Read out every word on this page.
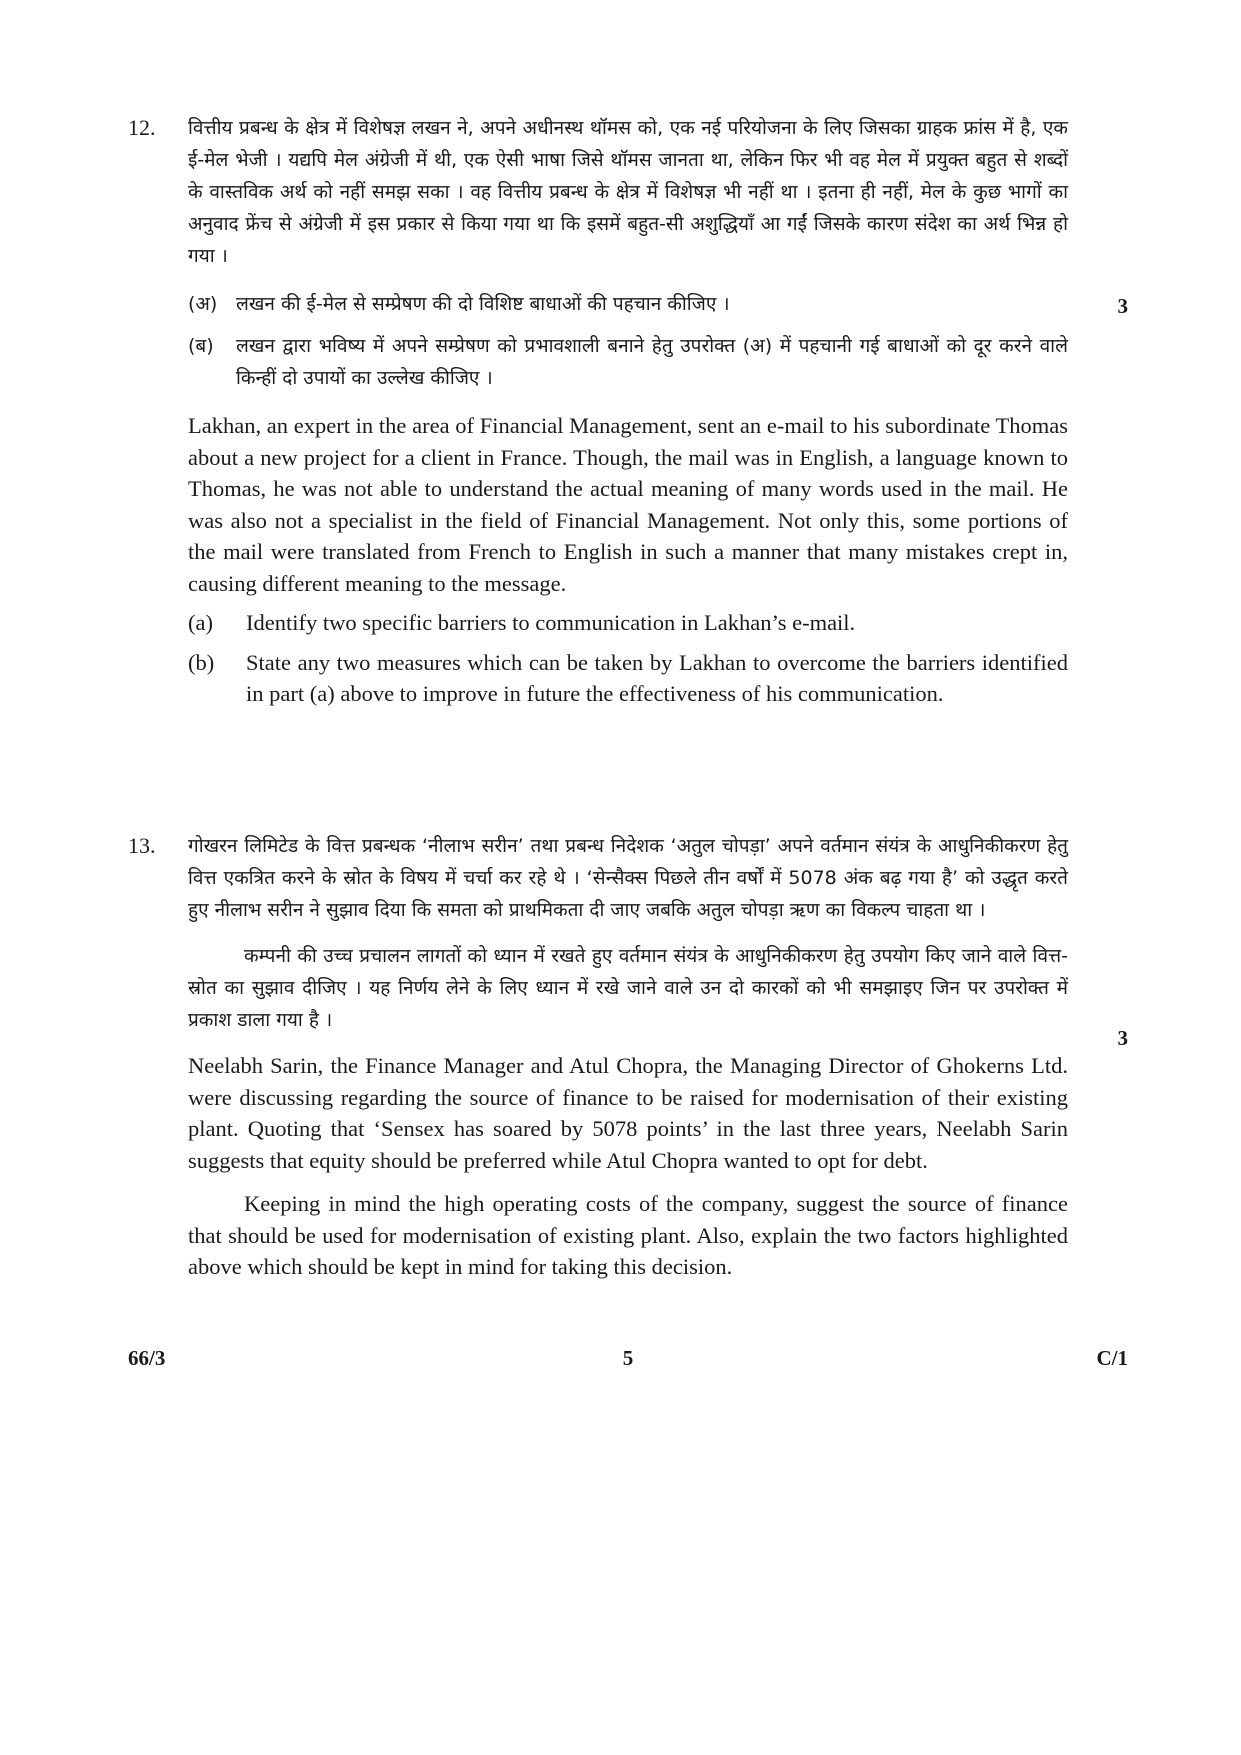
12.
3

वित्तीय प्रबन्ध के क्षेत्र में विशेषज्ञ लखन ने, अपने अधीनस्थ थॉमस को, एक नई परियोजना के लिए जिसका ग्राहक फ्रांस में है, एक ई-मेल भेजी । यद्यपि मेल अंग्रेजी में थी, एक ऐसी भाषा जिसे थॉमस जानता था, लेकिन फिर भी वह मेल में प्रयुक्त बहुत से शब्दों के वास्तविक अर्थ को नहीं समझ सका । वह वित्तीय प्रबन्ध के क्षेत्र में विशेषज्ञ भी नहीं था । इतना ही नहीं, मेल के कुछ भागों का अनुवाद फ्रेंच से अंग्रेजी में इस प्रकार से किया गया था कि इसमें बहुत-सी अशुद्धियाँ आ गईं जिसके कारण संदेश का अर्थ भिन्न हो गया ।

(अ) लखन की ई-मेल से सम्प्रेषण की दो विशिष्ट बाधाओं की पहचान कीजिए ।
(ब)	लखन द्वारा भविष्य में अपने सम्प्रेषण को प्रभावशाली बनाने हेतु उपरोक्त (अ) में पहचानी गई बाधाओं को दूर करने वाले किन्हीं दो उपायों का उल्लेख कीजिए ।

Lakhan, an expert in the area of Financial Management, sent an e-mail to his subordinate Thomas about a new project for a client in France. Though, the mail was in English, a language known to Thomas, he was not able to understand the actual meaning of many words used in the mail. He was also not a specialist in the field of Financial Management. Not only this, some portions of the mail were translated from French to English in such a manner that many mistakes crept in, causing different meaning to the message.

(a)	Identify two specific barriers to communication in Lakhan’s e-mail.
(b)	State any two measures which can be taken by Lakhan to overcome the barriers identified in part (a) above to improve in future the effectiveness of his communication.
13.
3

गोखरन लिमिटेड के वित्त प्रबन्धक ‘नीलाभ सरीन’ तथा प्रबन्ध निदेशक ‘अतुल चोपड़ा’ अपने वर्तमान संयंत्र के आधुनिकीकरण हेतु वित्त एकत्रित करने के स्रोत के विषय में चर्चा कर रहे थे । ‘सेन्सैक्स पिछले तीन वर्षों में 5078 अंक बढ़ गया है’ को उद्धृत करते हुए नीलाभ सरीन ने सुझाव दिया कि समता को प्राथमिकता दी जाए जबकि अतुल चोपड़ा ऋण का विकल्प चाहता था ।

कम्पनी की उच्च प्रचालन लागतों को ध्यान में रखते हुए वर्तमान संयंत्र के आधुनिकीकरण हेतु उपयोग किए जाने वाले वित्त-स्रोत का सुझाव दीजिए । यह निर्णय लेने के लिए ध्यान में रखे जाने वाले उन दो कारकों को भी समझाइए जिन पर उपरोक्त में प्रकाश डाला गया है ।

Neelabh Sarin, the Finance Manager and Atul Chopra, the Managing Director of Ghokerns Ltd. were discussing regarding the source of finance to be raised for modernisation of their existing plant. Quoting that ‘Sensex has soared by 5078 points’ in the last three years, Neelabh Sarin suggests that equity should be preferred while Atul Chopra wanted to opt for debt.

Keeping in mind the high operating costs of the company, suggest the source of finance that should be used for modernisation of existing plant. Also, explain the two factors highlighted above which should be kept in mind for taking this decision.

66/3	5	C/1
